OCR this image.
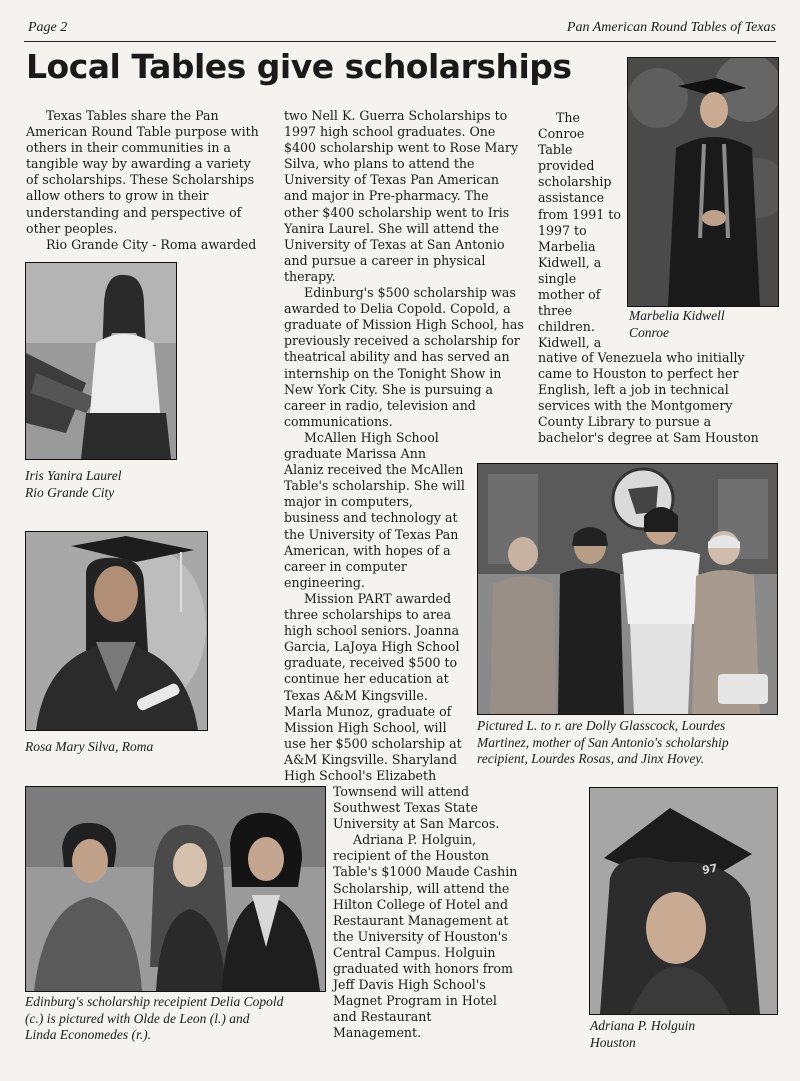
Page 2	Pan American Round Tables of Texas
Local Tables give scholarships

Texas Tables share the Pan American Round Table purpose with others in their communities in a tangible way by awarding a variety of scholarships. These Scholarships allow others to grow in their understanding and perspective of other peoples.

Rio Grande City - Roma awarded

Iris Yanira Laurel
Rio Grande City
Rosa Mary Silva, Roma

two Nell K. Guerra Scholarships to 1997 high school graduates. One $400 scholarship went to Rose Mary Silva, who plans to attend the University of Texas Pan American and major in Pre-pharmacy. The other $400 scholarship went to Iris Yanira Laurel. She will attend the University of Texas at San Antonio and pursue a career in physical therapy.

Edinburg's $500 scholarship was awarded to Delia Copold. Copold, a graduate of Mission High School, has previously received a scholarship for theatrical ability and has served an internship on the Tonight Show in New York City. She is pursuing a career in radio, television and communications.

McAllen High School graduate Marissa Ann Alaniz received the McAllen Table's scholarship. She will major in computers, business and technology at the University of Texas Pan American, with hopes of a career in computer engineering.

Mission PART awarded three scholarships to area high school seniors. Joanna Garcia, LaJoya High School graduate, received $500 to continue her education at Texas A&M Kingsville. Marla Munoz, graduate of Mission High School, will use her $500 scholarship at A&M Kingsville. Sharyland High School's Elizabeth

Townsend will attend Southwest Texas State University at San Marcos.

Adriana P. Holguin, recipient of the Houston Table's $1000 Maude Cashin Scholarship, will attend the Hilton College of Hotel and Restaurant Management at the University of Houston's Central Campus. Holguin graduated with honors from Jeff Davis High School's Magnet Program in Hotel and Restaurant Management.

The Conroe Table provided scholarship assistance from 1991 to 1997 to Marbelia Kidwell, a single mother of three children. Kidwell, a

native of Venezuela who initially came to Houston to perfect her English, left a job in technical services with the Montgomery County Library to pursue a bachelor's degree at Sam Houston

Marbelia Kidwell
Conroe
Pictured L. to r. are Dolly Glasscock, Lourdes
Martinez, mother of San Antonio's scholarship
recipient, Lourdes Rosas, and Jinx Hovey.
Edinburg's scholarship receipient Delia Copold
(c.) is pictured with Olde de Leon (l.) and
Linda Economedes (r.).
97
Adriana P. Holguin
Houston
